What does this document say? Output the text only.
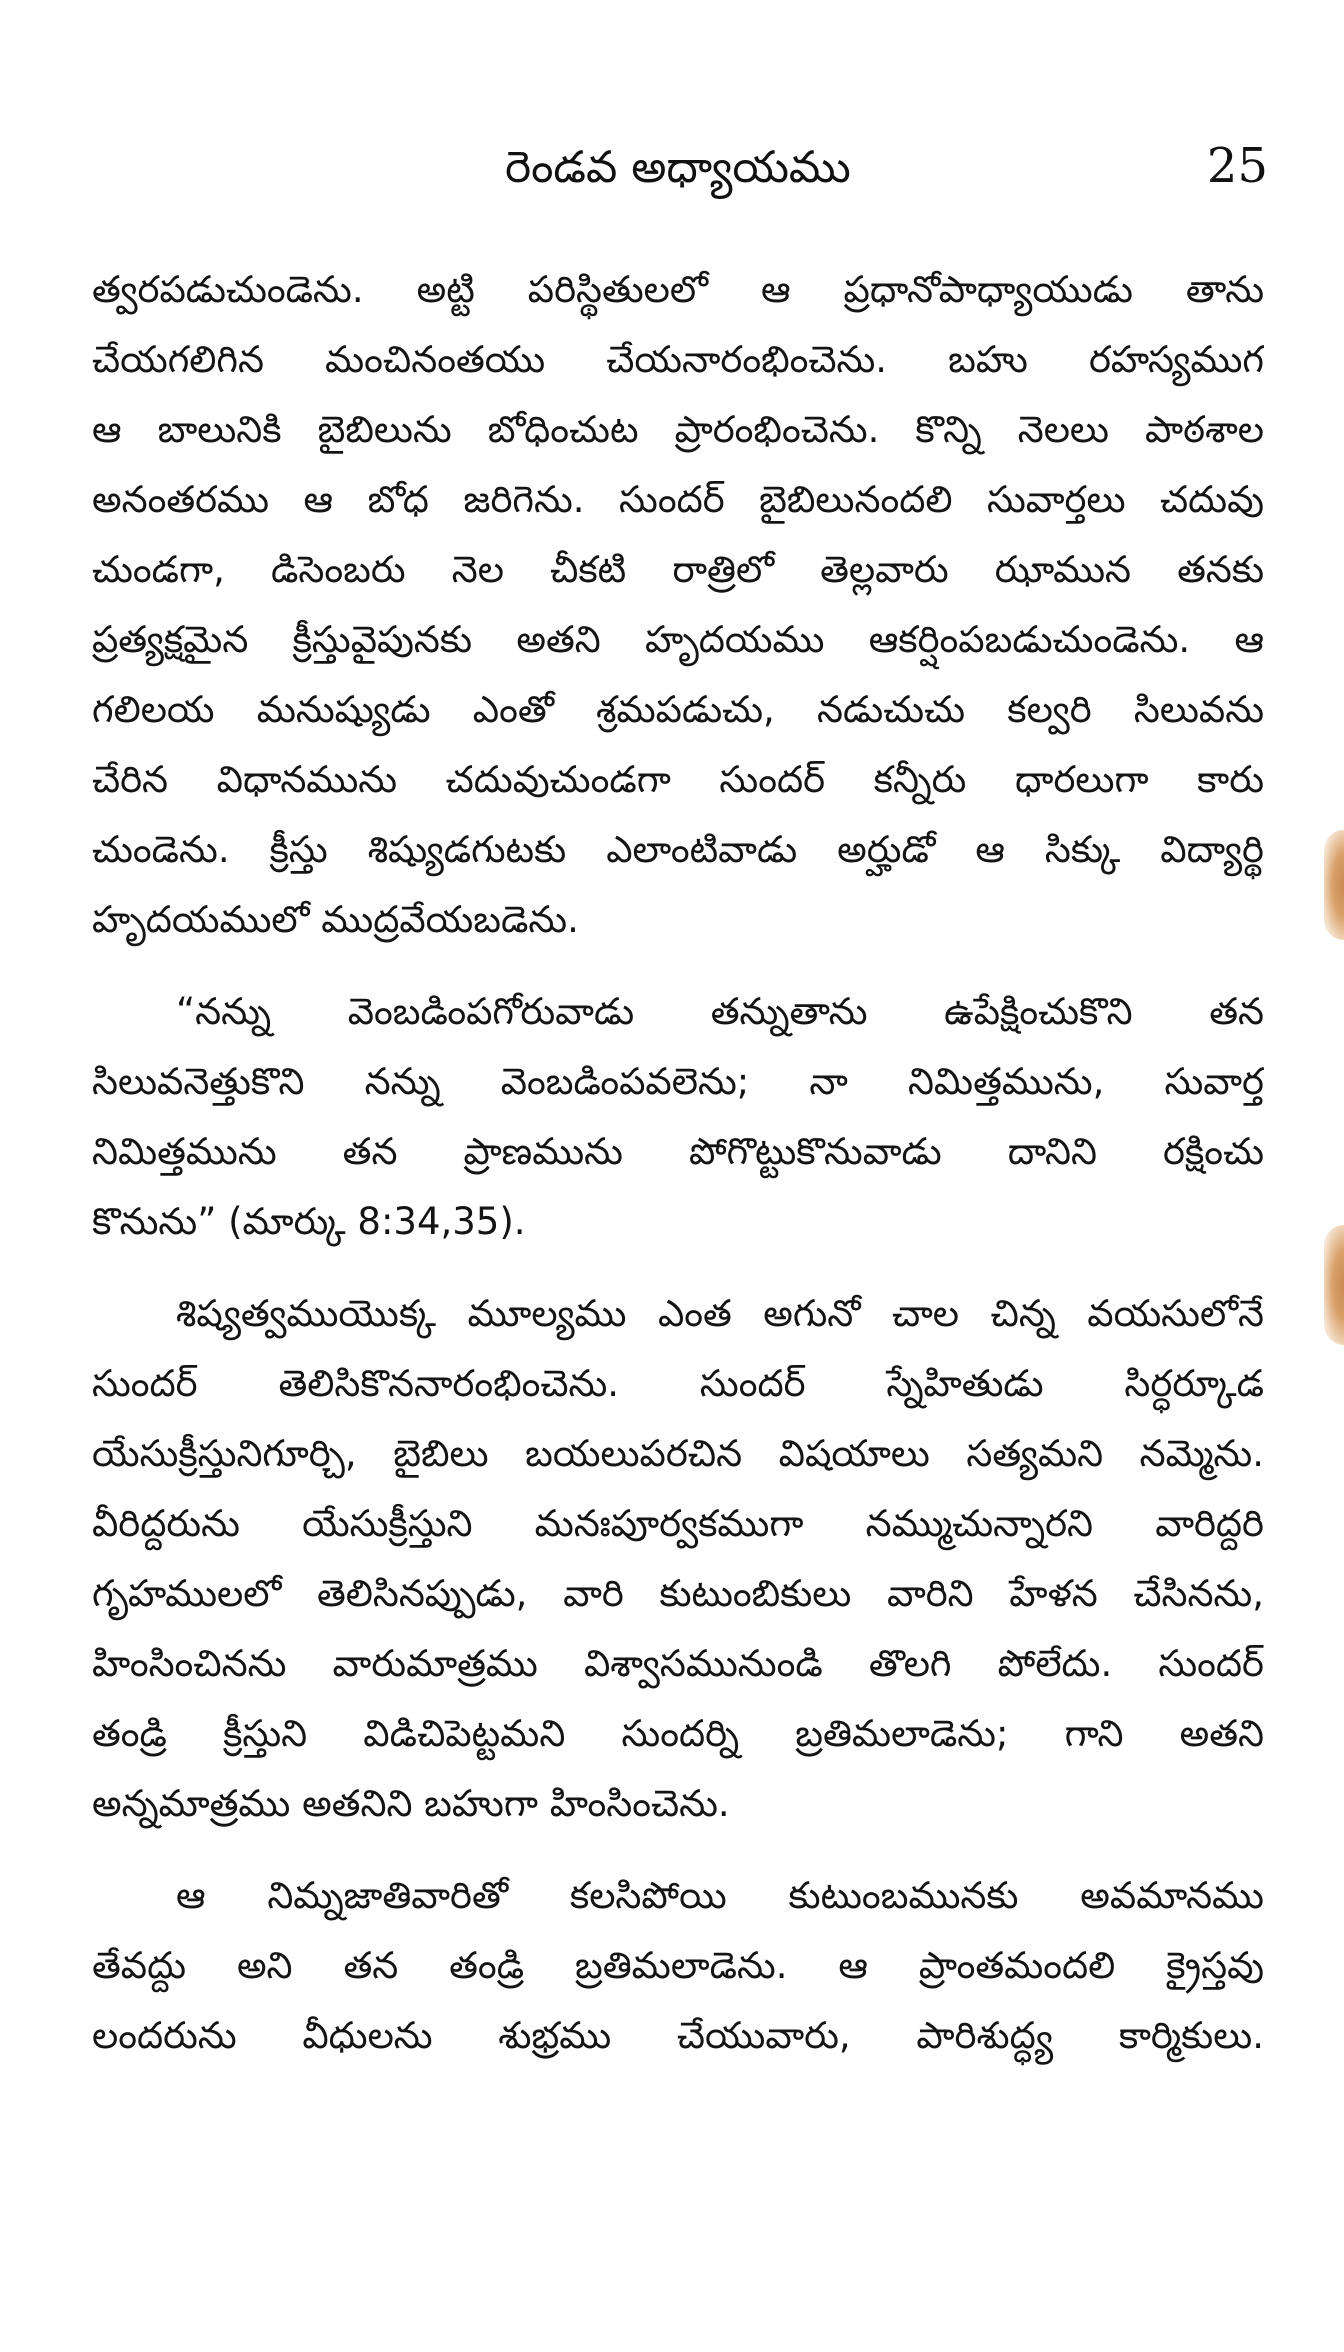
రెండవ అధ్యాయము	25

త్వరపడుచుండెను. అట్టి పరిస్థితులలో ఆ ప్రధానోపాధ్యాయుడు తాను
చేయగలిగిన మంచినంతయు చేయనారంభించెను. బహు రహస్యముగ
ఆ బాలునికి బైబిలును బోధించుట ప్రారంభించెను. కొన్ని నెలలు పాఠశాల
అనంతరము ఆ బోధ జరిగెను. సుందర్ బైబిలునందలి సువార్తలు చదువు
చుండగా, డిసెంబరు నెల చీకటి రాత్రిలో తెల్లవారు ఝామున తనకు
ప్రత్యక్షమైన క్రీస్తువైపునకు అతని హృదయము ఆకర్షింపబడుచుండెను. ఆ
గలిలయ మనుష్యుడు ఎంతో శ్రమపడుచు, నడుచుచు కల్వరి సిలువను
చేరిన విధానమును చదువుచుండగా సుందర్ కన్నీరు ధారలుగా కారు
చుండెను. క్రీస్తు శిష్యుడగుటకు ఎలాంటివాడు అర్హుడో ఆ సిక్కు విద్యార్థి
హృదయములో ముద్రవేయబడెను.

“నన్ను వెంబడింపగోరువాడు తన్నుతాను ఉపేక్షించుకొని తన
సిలువనెత్తుకొని నన్ను వెంబడింపవలెను; నా నిమిత్తమును, సువార్త
నిమిత్తమును తన ప్రాణమును పోగొట్టుకొనువాడు దానిని రక్షించు
కొనును” (మార్కు 8:34,35).

శిష్యత్వముయొక్క మూల్యము ఎంత అగునో చాల చిన్న వయసులోనే
సుందర్ తెలిసికొననారంభించెను. సుందర్ స్నేహితుడు సిర్ధర్కూడ
యేసుక్రీస్తునిగూర్చి, బైబిలు బయలుపరచిన విషయాలు సత్యమని నమ్మెను.
వీరిద్దరును యేసుక్రీస్తుని మనఃపూర్వకముగా నమ్ముచున్నారని వారిద్దరి
గృహములలో తెలిసినప్పుడు, వారి కుటుంబికులు వారిని హేళన చేసినను,
హింసించినను వారుమాత్రము విశ్వాసమునుండి తొలగి పోలేదు. సుందర్
తండ్రి క్రీస్తుని విడిచిపెట్టమని సుందర్ని బ్రతిమలాడెను; గాని అతని
అన్నమాత్రము అతనిని బహుగా హింసించెను.

ఆ నిమ్నజాతివారితో కలసిపోయి కుటుంబమునకు అవమానము
తేవద్దు అని తన తండ్రి బ్రతిమలాడెను. ఆ ప్రాంతమందలి క్రైస్తవు
లందరును వీధులను శుభ్రము చేయువారు, పారిశుద్ధ్య కార్మికులు.
